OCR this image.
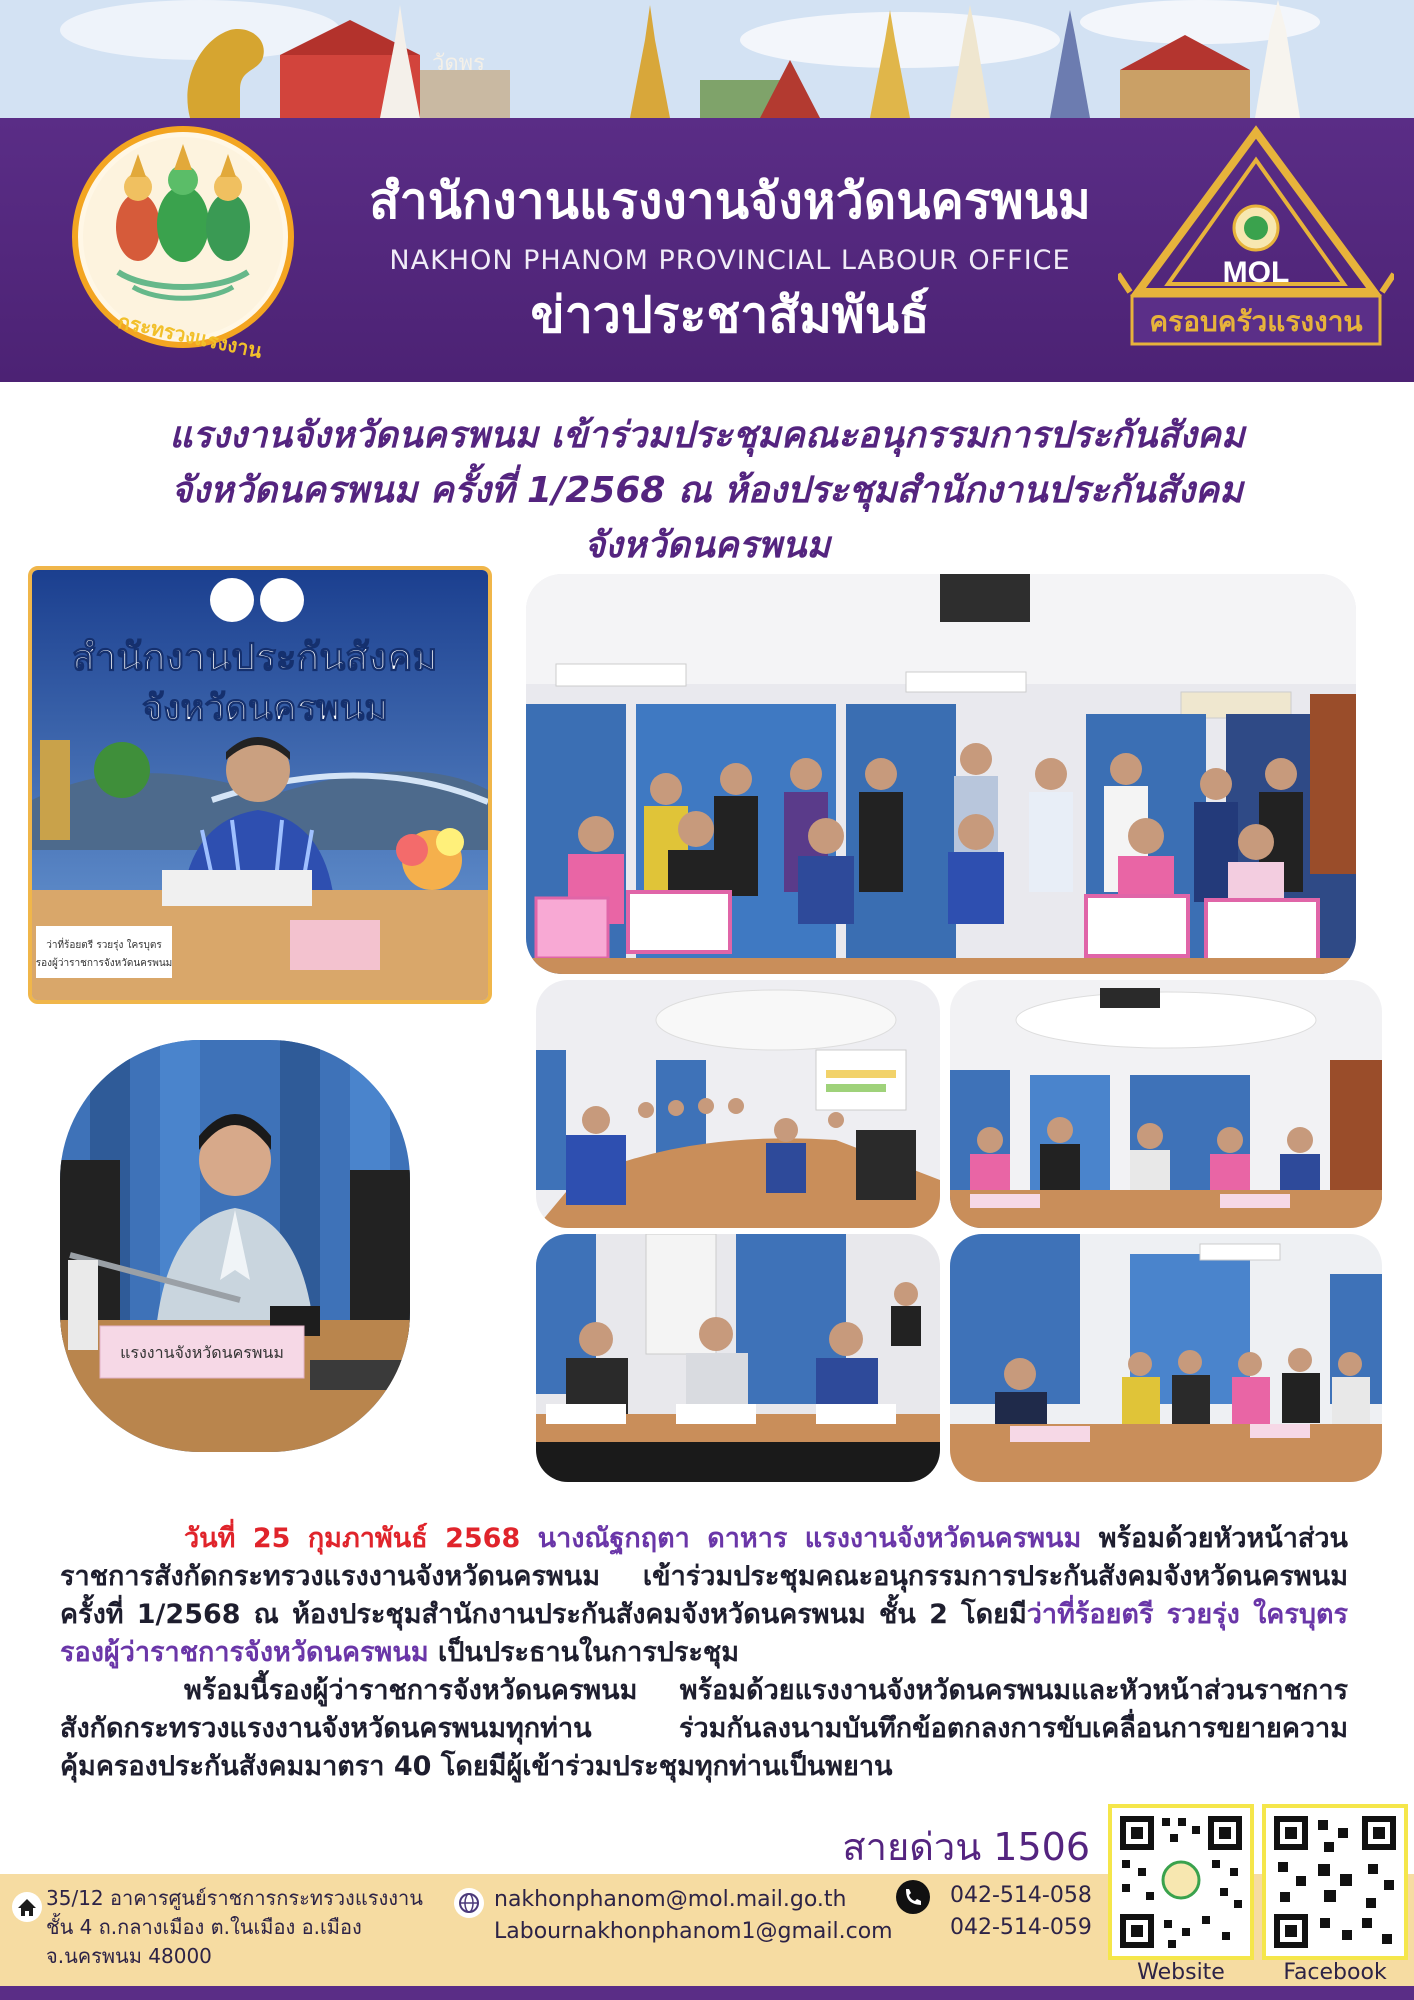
วัดพร
กระทรวงแรงงาน
สำนักงานแรงงานจังหวัดนครพนม
NAKHON PHANOM PROVINCIAL LABOUR OFFICE
ข่าวประชาสัมพันธ์
MOL
ครอบครัวแรงงาน
แรงงานจังหวัดนครพนม เข้าร่วมประชุมคณะอนุกรรมการประกันสังคม
จังหวัดนครพนม ครั้งที่ 1/2568 ณ ห้องประชุมสำนักงานประกันสังคม
จังหวัดนครพนม
สำนักงานประกันสังคม
จังหวัดนครพนม
ว่าที่ร้อยตรี รวยรุ่ง ใครบุตร
รองผู้ว่าราชการจังหวัดนครพนม
แรงงานจังหวัดนครพนม
วันที่ 25 กุมภาพันธ์ 2568 นางณัฐกฤตา ดาหาร แรงงานจังหวัดนครพนม พร้อมด้วยหัวหน้าส่วนราชการสังกัดกระทรวงแรงงานจังหวัดนครพนม เข้าร่วมประชุมคณะอนุกรรมการประกันสังคมจังหวัดนครพนม ครั้งที่ 1/2568 ณ ห้องประชุมสำนักงานประกันสังคมจังหวัดนครพนม ชั้น 2 โดยมีว่าที่ร้อยตรี รวยรุ่ง ใครบุตร รองผู้ว่าราชการจังหวัดนครพนม เป็นประธานในการประชุม
พร้อมนี้รองผู้ว่าราชการจังหวัดนครพนม พร้อมด้วยแรงงานจังหวัดนครพนมและหัวหน้าส่วนราชการสังกัดกระทรวงแรงงานจังหวัดนครพนมทุกท่าน ร่วมกันลงนามบันทึกข้อตกลงการขับเคลื่อนการขยายความคุ้มครองประกันสังคมมาตรา 40 โดยมีผู้เข้าร่วมประชุมทุกท่านเป็นพยาน
สายด่วน 1506
35/12 อาคารศูนย์ราชการกระทรวงแรงงาน
ชั้น 4 ถ.กลางเมือง ต.ในเมือง อ.เมือง
จ.นครพนม 48000
nakhonphanom@mol.mail.go.th
Labournakhonphanom1@gmail.com
042-514-058
042-514-059
Website	Facebook
